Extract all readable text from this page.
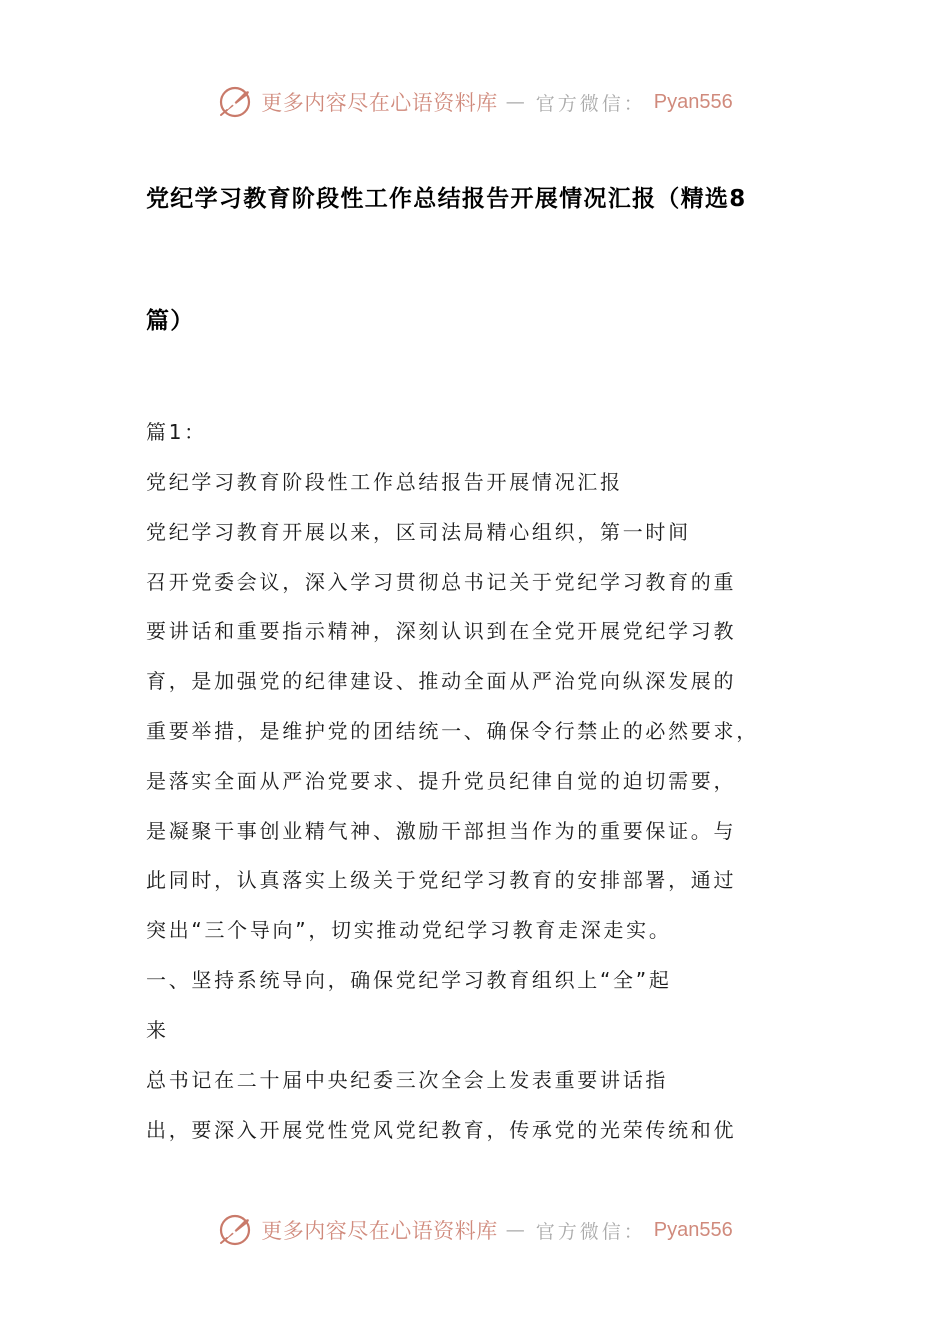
更多内容尽在心语资料库 — 官方微信： Pyan556
党纪学习教育阶段性工作总结报告开展情况汇报（精选8
篇）
篇1：
党纪学习教育阶段性工作总结报告开展情况汇报
党纪学习教育开展以来，区司法局精心组织，第一时间
召开党委会议，深入学习贯彻总书记关于党纪学习教育的重
要讲话和重要指示精神，深刻认识到在全党开展党纪学习教
育，是加强党的纪律建设、推动全面从严治党向纵深发展的
重要举措，是维护党的团结统一、确保令行禁止的必然要求，
是落实全面从严治党要求、提升党员纪律自觉的迫切需要，
是凝聚干事创业精气神、激励干部担当作为的重要保证。与
此同时，认真落实上级关于党纪学习教育的安排部署，通过
突出“三个导向”，切实推动党纪学习教育走深走实。
一、坚持系统导向，确保党纪学习教育组织上“全”起
来
总书记在二十届中央纪委三次全会上发表重要讲话指
出，要深入开展党性党风党纪教育，传承党的光荣传统和优
更多内容尽在心语资料库 — 官方微信： Pyan556
